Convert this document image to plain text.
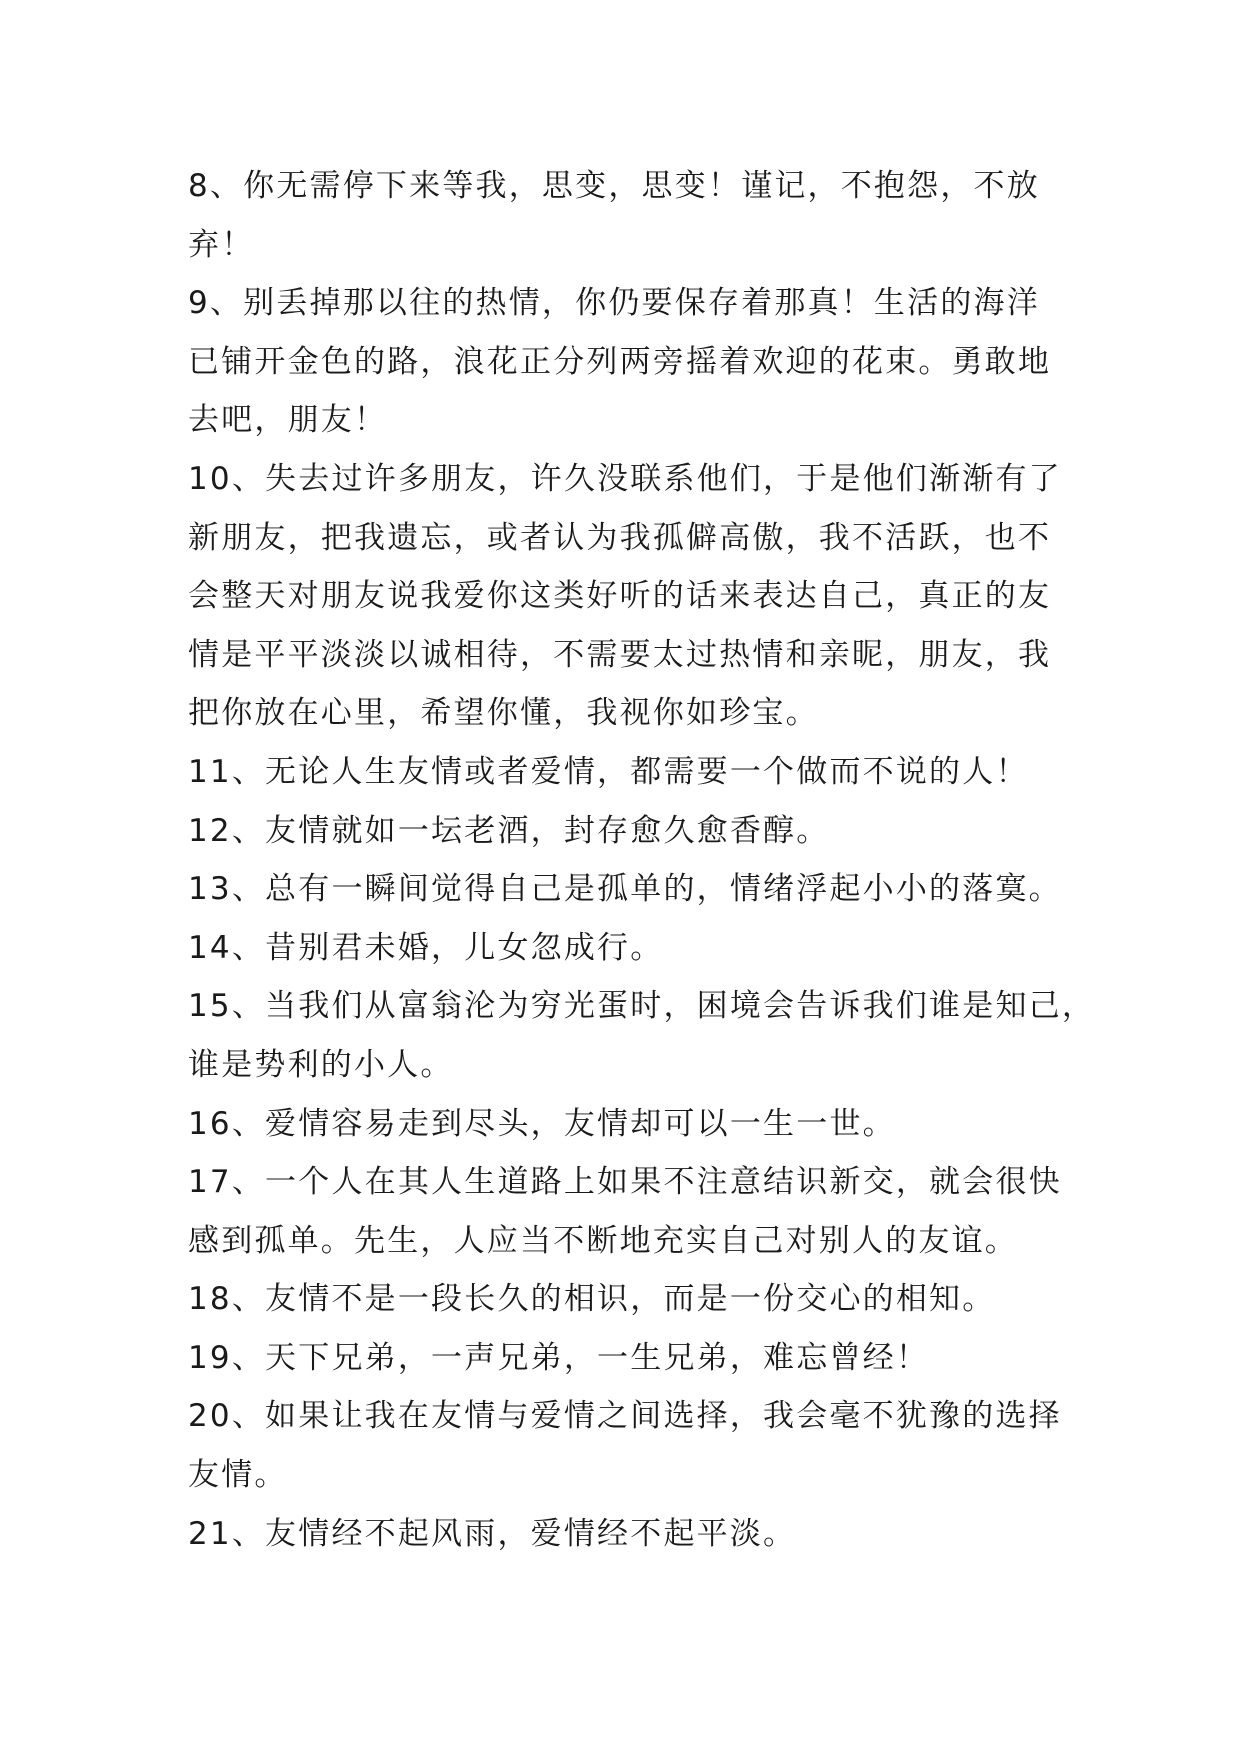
8、你无需停下来等我，思变，思变！谨记，不抱怨，不放
弃！

9、别丢掉那以往的热情，你仍要保存着那真！生活的海洋
已铺开金色的路，浪花正分列两旁摇着欢迎的花束。勇敢地
去吧，朋友！

10、失去过许多朋友，许久没联系他们，于是他们渐渐有了
新朋友，把我遗忘，或者认为我孤僻高傲，我不活跃，也不
会整天对朋友说我爱你这类好听的话来表达自己，真正的友
情是平平淡淡以诚相待，不需要太过热情和亲昵，朋友，我
把你放在心里，希望你懂，我视你如珍宝。

11、无论人生友情或者爱情，都需要一个做而不说的人！

12、友情就如一坛老酒，封存愈久愈香醇。

13、总有一瞬间觉得自己是孤单的，情绪浮起小小的落寞。

14、昔别君未婚，儿女忽成行。

15、当我们从富翁沦为穷光蛋时，困境会告诉我们谁是知己，
谁是势利的小人。

16、爱情容易走到尽头，友情却可以一生一世。

17、一个人在其人生道路上如果不注意结识新交，就会很快
感到孤单。先生，人应当不断地充实自己对别人的友谊。

18、友情不是一段长久的相识，而是一份交心的相知。

19、天下兄弟，一声兄弟，一生兄弟，难忘曾经！

20、如果让我在友情与爱情之间选择，我会毫不犹豫的选择
友情。

21、友情经不起风雨，爱情经不起平淡。
